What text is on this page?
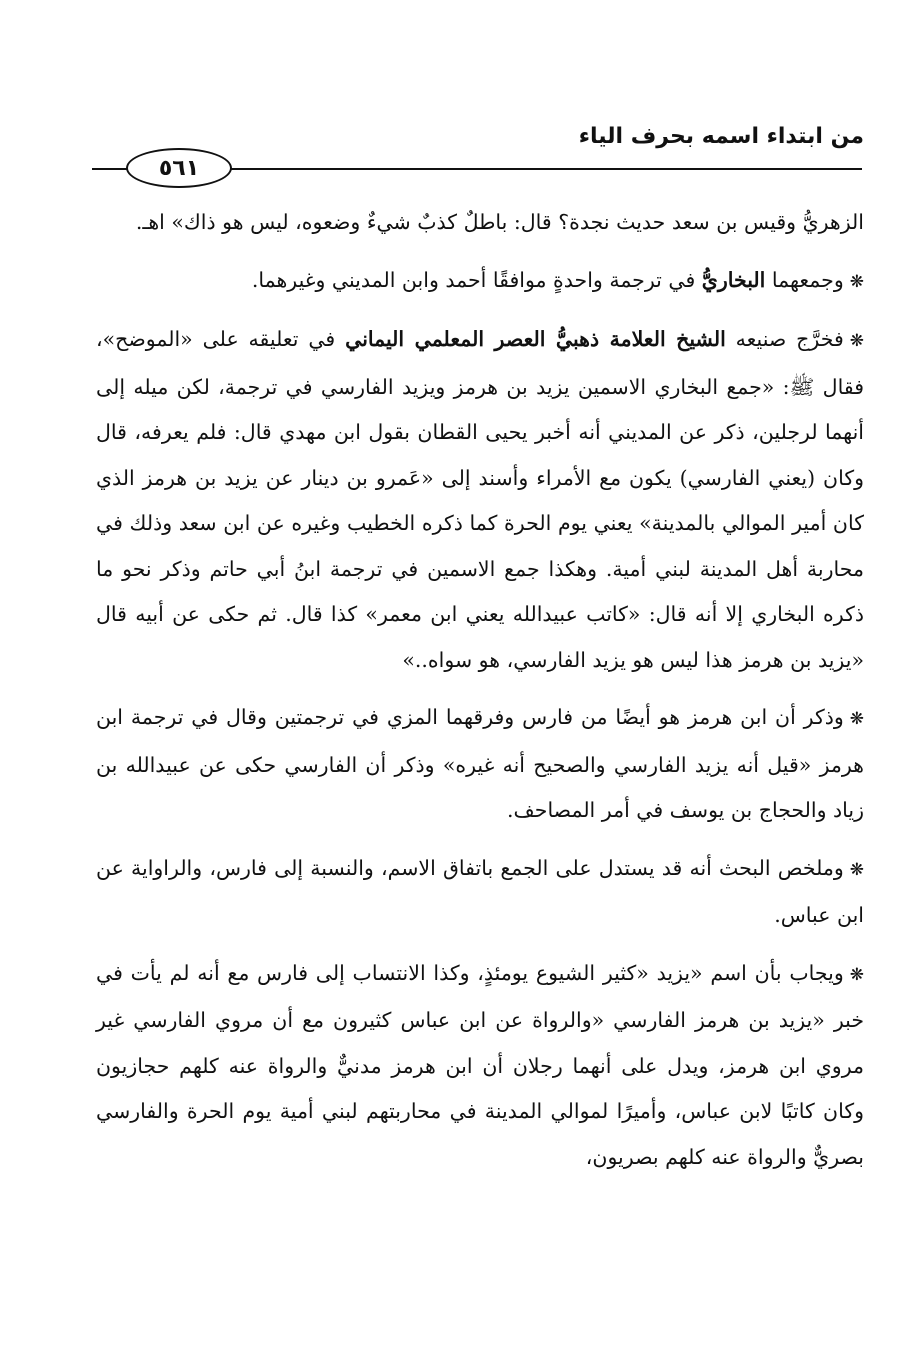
من ابتداء اسمه بحرف الياء
٥٦١

الزهريُّ وقيس بن سعد حديث نجدة؟ قال: باطلٌ كذبٌ شيءٌ وضعوه، ليس هو ذاك» اهـ.

❋وجمعهما البخاريُّ في ترجمة واحدةٍ موافقًا أحمد وابن المديني وغيرهما.

❋فخرَّج صنيعه الشيخ العلامة ذهبيُّ العصر المعلمي اليماني في تعليقه على «الموضح»، فقال ﷺ: «جمع البخاري الاسمين يزيد بن هرمز ويزيد الفارسي في ترجمة، لكن ميله إلى أنهما لرجلين، ذكر عن المديني أنه أخبر يحيى القطان بقول ابن مهدي قال: فلم يعرفه، قال وكان (يعني الفارسي) يكون مع الأمراء وأسند إلى «عَمرو بن دينار عن يزيد بن هرمز الذي كان أمير الموالي بالمدينة» يعني يوم الحرة كما ذكره الخطيب وغيره عن ابن سعد وذلك في محاربة أهل المدينة لبني أمية. وهكذا جمع الاسمين في ترجمة ابنُ أبي حاتم وذكر نحو ما ذكره البخاري إلا أنه قال: «كاتب عبيدالله يعني ابن معمر» كذا قال. ثم حكى عن أبيه قال «يزيد بن هرمز هذا ليس هو يزيد الفارسي، هو سواه..»

❋وذكر أن ابن هرمز هو أيضًا من فارس وفرقهما المزي في ترجمتين وقال في ترجمة ابن هرمز «قيل أنه يزيد الفارسي والصحيح أنه غيره» وذكر أن الفارسي حكى عن عبيدالله بن زياد والحجاج بن يوسف في أمر المصاحف.

❋وملخص البحث أنه قد يستدل على الجمع باتفاق الاسم، والنسبة إلى فارس، والراواية عن ابن عباس.

❋ويجاب بأن اسم «يزيد «كثير الشيوع يومئذٍ، وكذا الانتساب إلى فارس مع أنه لم يأت في خبر «يزيد بن هرمز الفارسي «والرواة عن ابن عباس كثيرون مع أن مروي الفارسي غير مروي ابن هرمز، ويدل على أنهما رجلان أن ابن هرمز مدنيٌّ والرواة عنه كلهم حجازيون وكان كاتبًا لابن عباس، وأميرًا لموالي المدينة في محاربتهم لبني أمية يوم الحرة والفارسي بصريٌّ والرواة عنه كلهم بصريون،
